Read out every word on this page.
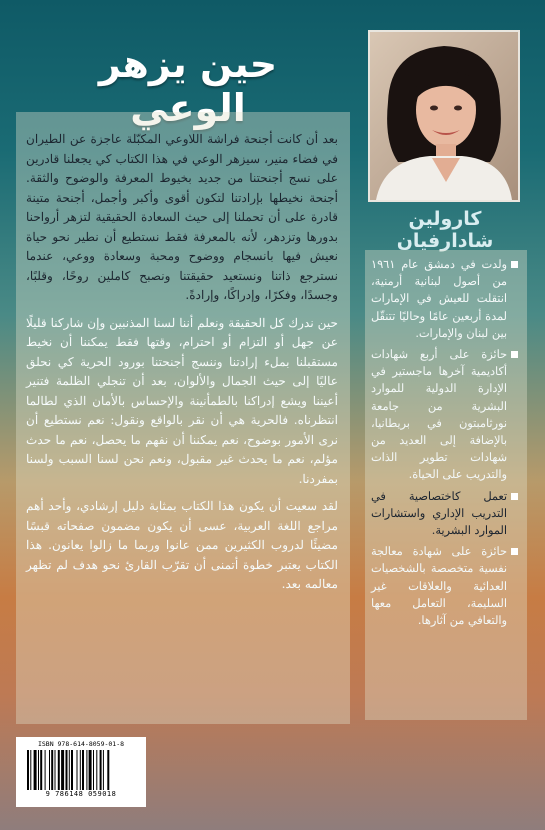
حين يزهر الوعي
كارولين شادارفيان

بعد أن كانت أجنحة فراشة اللاوعي المكبّلة عاجزة عن الطيران في فضاء منير، سيزهر الوعي في هذا الكتاب كي يجعلنا قادرين على نسج أجنحتنا من جديد بخيوط المعرفة والوضوح والثقة. أجنحة نخيطها بإرادتنا لتكون أقوى وأكبر وأجمل، أجنحة متينة قادرة على أن تحملنا إلى حيث السعادة الحقيقية لتزهر أرواحنا بدورها وتزدهر، لأنه بالمعرفة فقط نستطيع أن نطير نحو حياة نعيش فيها بانسجام ووضوح ومحبة وسعادة ووعي، عندما نسترجع ذاتنا ونستعيد حقيقتنا ونصبح كاملين روحًا، وقلبًا، وجسدًا، وفكرًا، وإدراكًا، وإرادةً.

حين ندرك كل الحقيقة ونعلم أننا لسنا المذنبين وإن شاركنا قليلًا عن جهل أو التزام أو احترام، وقتها فقط يمكننا أن نخيط مستقبلنا بملء إرادتنا وننسج أجنحتنا بورود الحرية كي نحلق عاليًا إلى حيث الجمال والألوان، بعد أن تنجلي الظلمة فتنير أعيننا ويشع إدراكنا بالطمأنينة والإحساس بالأمان الذي لطالما انتظرناه. فالحرية هي أن نقر بالواقع ونقول: نعم نستطيع أن نرى الأمور بوضوح، نعم يمكننا أن نفهم ما يحصل، نعم ما حدث مؤلم، نعم ما يحدث غير مقبول، ونعم نحن لسنا السبب ولسنا بمفردنا.

لقد سعيت أن يكون هذا الكتاب بمثابة دليل إرشادي، وأحد أهم مراجع اللغة العربية، عسى أن يكون مضمون صفحاته قبسًا مضيئًا لدروب الكثيرين ممن عانوا وربما ما زالوا يعانون. هذا الكتاب يعتبر خطوة أتمنى أن تقرّب القارئ نحو هدف لم تظهر معالمه بعد.

ولدت في دمشق عام ١٩٦١ من أصول لبنانية أرمنية، انتقلت للعيش في الإمارات لمدة أربعين عامًا وحاليًا تتنقّل بين لبنان والإمارات.
حائزة على أربع شهادات أكاديمية آخرها ماجستير في الإدارة الدولية للموارد البشرية من جامعة نورثامبتون في بريطانيا، بالإضافة إلى العديد من شهادات تطوير الذات والتدريب على الحياة.
تعمل كاختصاصية في التدريب الإداري واستشارات الموارد البشرية.
حائزة على شهادة معالجة نفسية متخصصة بالشخصيات العدائية والعلاقات غير السليمة، التعامل معها والتعافي من آثارها.
ISBN 978-614-8059-01-8
9 786148 059018
